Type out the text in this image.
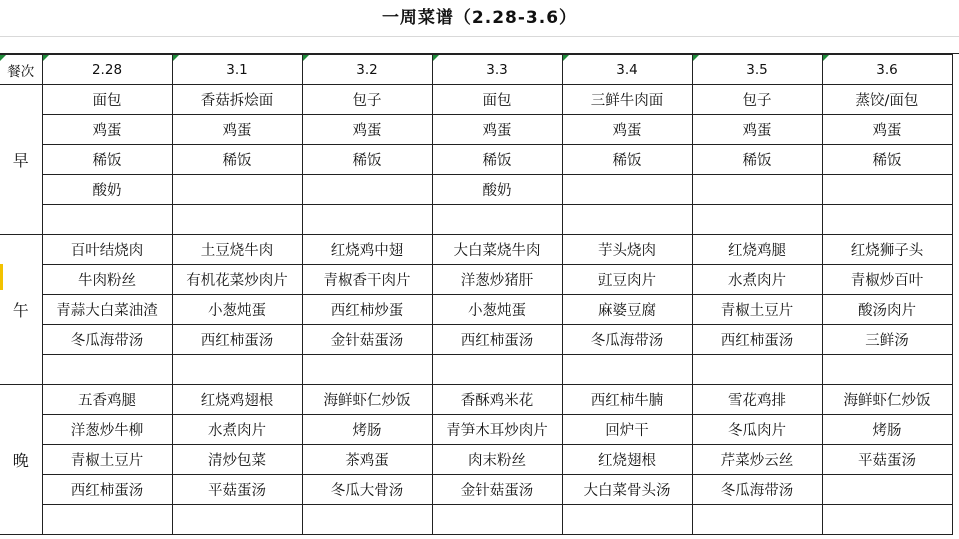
一周菜谱（2.28-3.6）
餐次	2.28	3.1	3.2	3.3	3.4	3.5	3.6
早	面包	香菇拆烩面	包子	面包	三鲜牛肉面	包子	蒸饺/面包
	鸡蛋	鸡蛋	鸡蛋	鸡蛋	鸡蛋	鸡蛋	鸡蛋
	稀饭	稀饭	稀饭	稀饭	稀饭	稀饭	稀饭
	酸奶			酸奶			

午	百叶结烧肉	土豆烧牛肉	红烧鸡中翅	大白菜烧牛肉	芋头烧肉	红烧鸡腿	红烧狮子头
	牛肉粉丝	有机花菜炒肉片	青椒香干肉片	洋葱炒猪肝	豇豆肉片	水煮肉片	青椒炒百叶
	青蒜大白菜油渣	小葱炖蛋	西红柿炒蛋	小葱炖蛋	麻婆豆腐	青椒土豆片	酸汤肉片
	冬瓜海带汤	西红柿蛋汤	金针菇蛋汤	西红柿蛋汤	冬瓜海带汤	西红柿蛋汤	三鲜汤

晚	五香鸡腿	红烧鸡翅根	海鲜虾仁炒饭	香酥鸡米花	西红柿牛腩	雪花鸡排	海鲜虾仁炒饭
	洋葱炒牛柳	水煮肉片	烤肠	青笋木耳炒肉片	回炉干	冬瓜肉片	烤肠
	青椒土豆片	清炒包菜	茶鸡蛋	肉末粉丝	红烧翅根	芹菜炒云丝	平菇蛋汤
	西红柿蛋汤	平菇蛋汤	冬瓜大骨汤	金针菇蛋汤	大白菜骨头汤	冬瓜海带汤	
